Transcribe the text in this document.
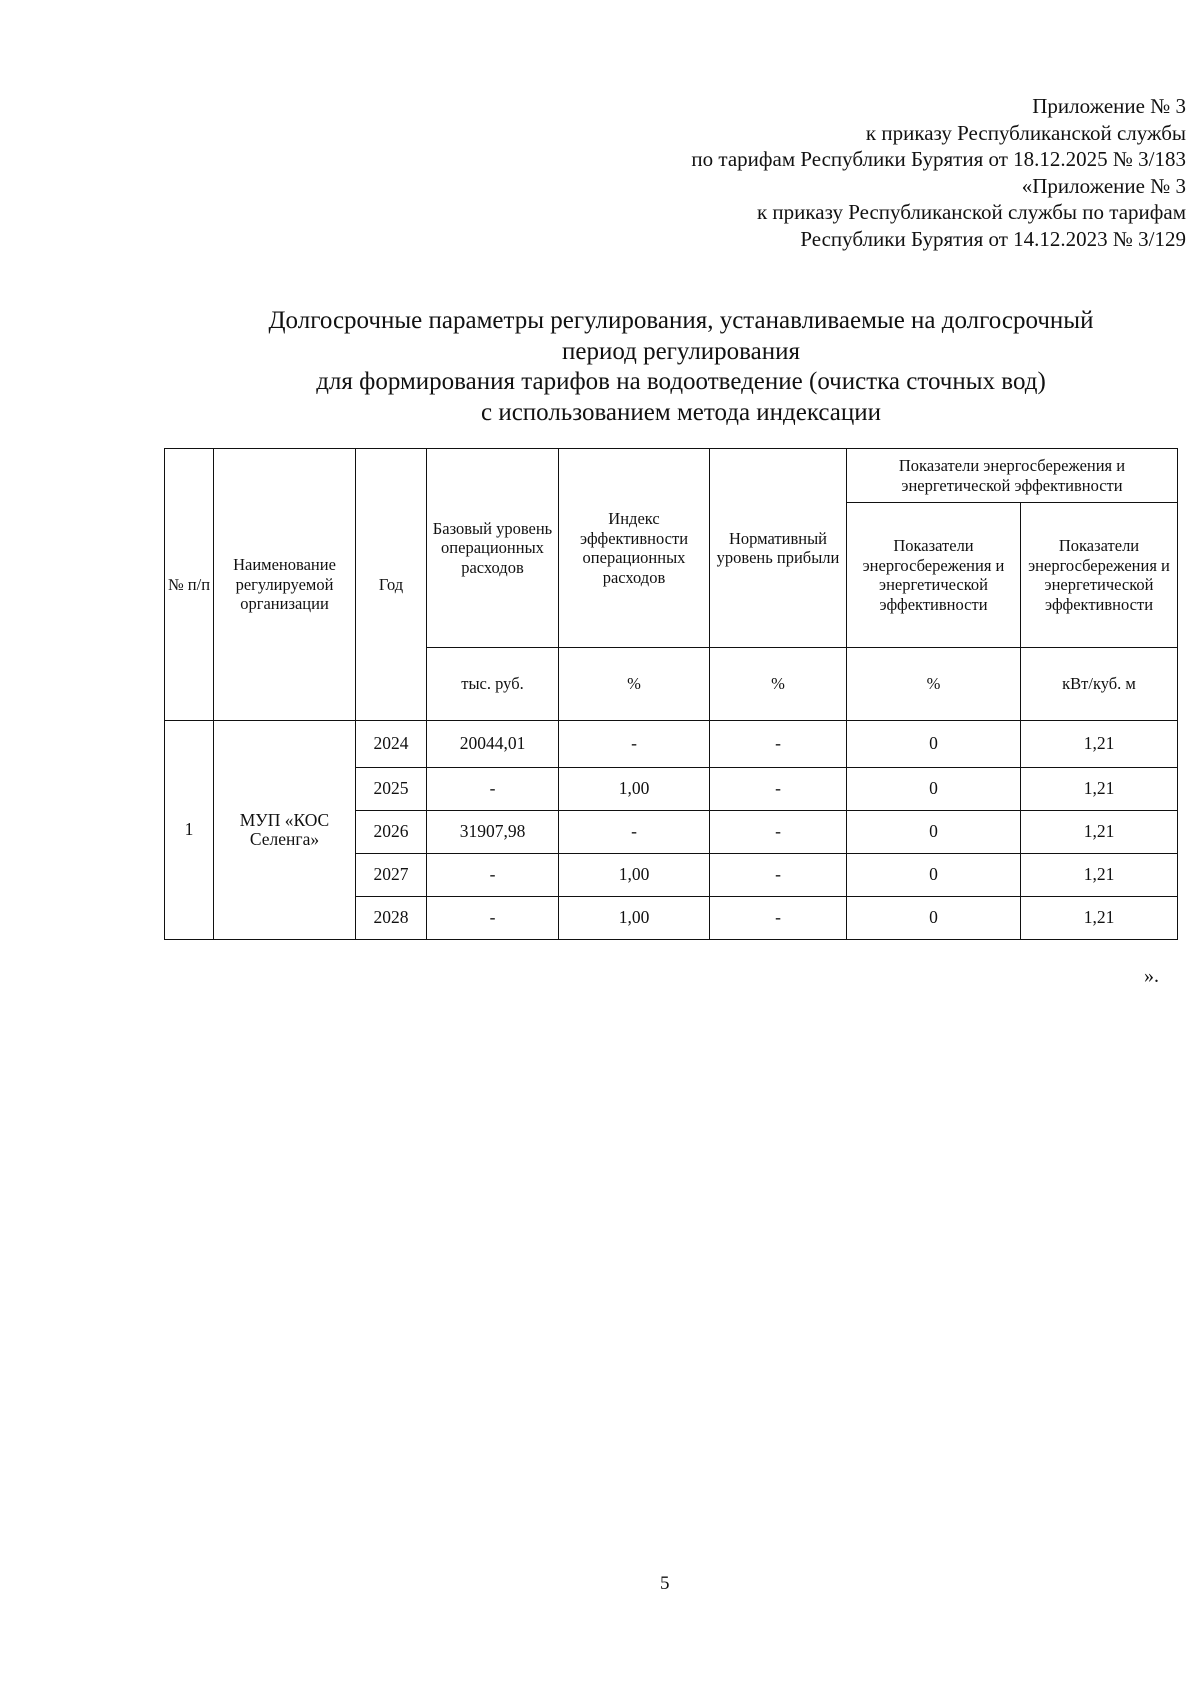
Приложение № 3
к приказу Республиканской службы
по тарифам Республики Бурятия от 18.12.2025 № 3/183
«Приложение № 3
к приказу Республиканской службы по тарифам
Республики Бурятия от 14.12.2023 № 3/129
Долгосрочные параметры регулирования, устанавливаемые на долгосрочный
период регулирования
для формирования тарифов на водоотведение (очистка сточных вод)
с использованием метода индексации
№ п/п	Наименование регулируемой организации	Год	Базовый уровень операционных расходов	Индекс эффективности операционных расходов	Нормативный уровень прибыли	Показатели энергосбережения и энергетической эффективности	
						Показатели энергосбережения и энергетической эффективности	Показатели энергосбережения и энергетической эффективности
			тыс. руб.	%	%	%	кВт/куб. м
1	МУП «КОС Селенга»	2024	20044,01	-	-	0	1,21
		2025	-	1,00	-	0	1,21
		2026	31907,98	-	-	0	1,21
		2027	-	1,00	-	0	1,21
		2028	-	1,00	-	0	1,21
».
5
